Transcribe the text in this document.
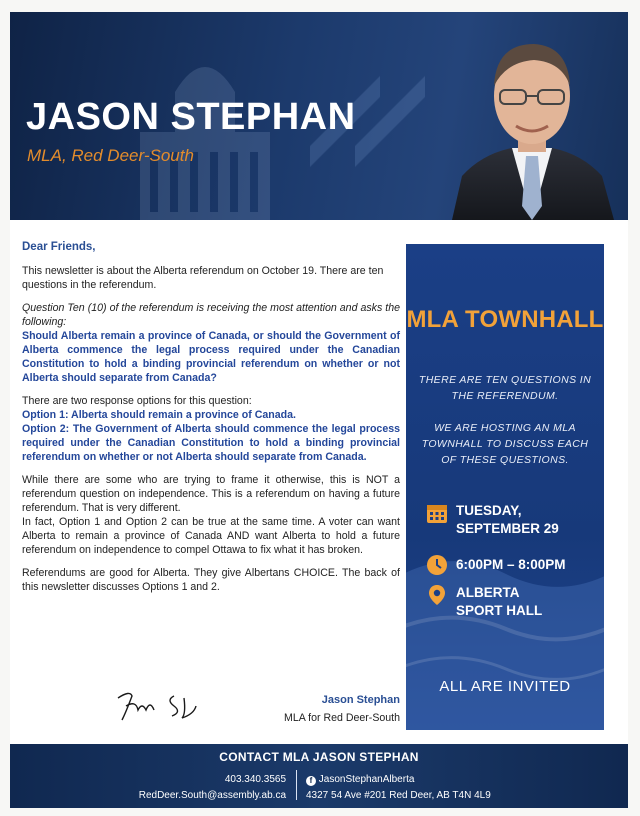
JASON STEPHAN

MLA, Red Deer-South

Dear Friends,

This newsletter is about the Alberta referendum on October 19. There are ten questions in the referendum.

Question Ten (10) of the referendum is receiving the most attention and asks the following:
Should Alberta remain a province of Canada, or should the Government of Alberta commence the legal process required under the Canadian Constitution to hold a binding provincial referendum on whether or not Alberta should separate from Canada?

There are two response options for this question:
Option 1: Alberta should remain a province of Canada.
Option 2: The Government of Alberta should commence the legal process required under the Canadian Constitution to hold a binding provincial referendum on whether or not Alberta should separate from Canada.

While there are some who are trying to frame it otherwise, this is NOT a referendum question on independence. This is a referendum on having a future referendum. That is very different.
In fact, Option 1 and Option 2 can be true at the same time. A voter can want Alberta to remain a province of Canada AND want Alberta to hold a future referendum on independence to compel Ottawa to fix what it has broken.

Referendums are good for Alberta. They give Albertans CHOICE. The back of this newsletter discusses Options 1 and 2.

Jason Stephan
MLA for Red Deer-South
MLA TOWNHALL
THERE ARE TEN QUESTIONS IN THE REFERENDUM.
WE ARE HOSTING AN MLA TOWNHALL TO DISCUSS EACH OF THESE QUESTIONS.
TUESDAY,
SEPTEMBER 29
6:00PM – 8:00PM
ALBERTA
SPORT HALL
ALL ARE INVITED
CONTACT MLA JASON STEPHAN
403.340.3565
RedDeer.South@assembly.ab.ca
f JasonStephanAlberta
4327 54 Ave #201 Red Deer, AB T4N 4L9
